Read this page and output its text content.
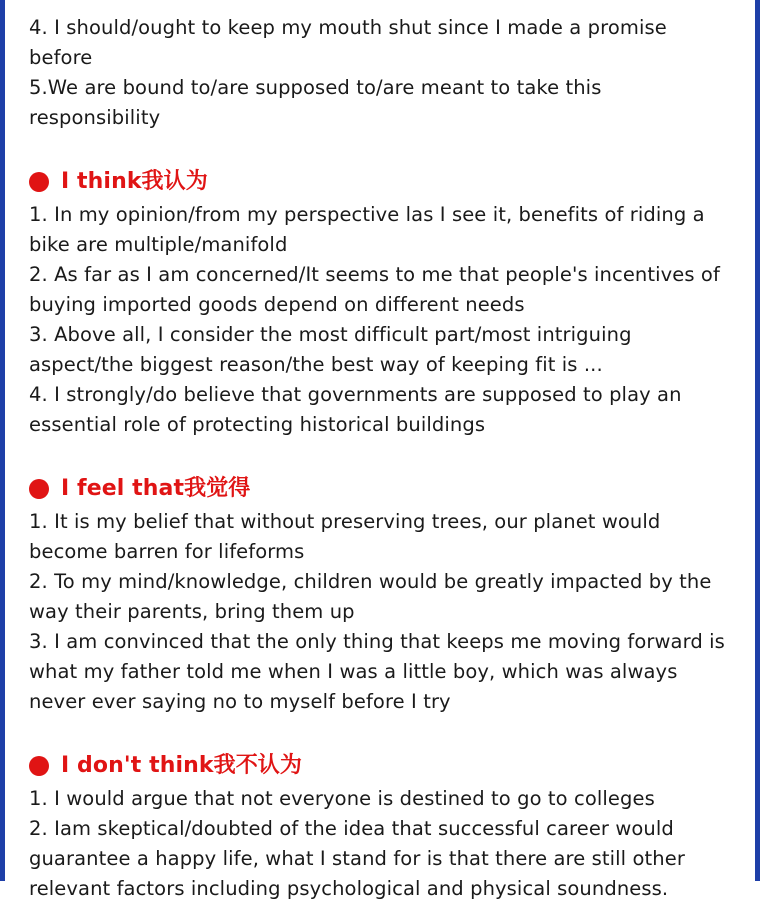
4. I should/ought to keep my mouth shut since I made a promise before

5.We are bound to/are supposed to/are meant to take this responsibility

I think我认为

1. In my opinion/from my perspective las I see it, benefits of riding a bike are multiple/manifold

2. As far as I am concerned/It seems to me that people's incentives of buying imported goods depend on different needs

3. Above all, I consider the most difficult part/most intriguing aspect/the biggest reason/the best way of keeping fit is ...

4. I strongly/do believe that governments are supposed to play an essential role of protecting historical buildings

I feel that我觉得

1. It is my belief that without preserving trees, our planet would become barren for lifeforms

2. To my mind/knowledge, children would be greatly impacted by the way their parents, bring them up

3. I am convinced that the only thing that keeps me moving forward is what my father told me when I was a little boy, which was always never ever saying no to myself before I try

I don't think我不认为

1. I would argue that not everyone is destined to go to colleges

2. Iam skeptical/doubted of the idea that successful career would guarantee a happy life, what I stand for is that there are still other relevant factors including psychological and physical soundness.
